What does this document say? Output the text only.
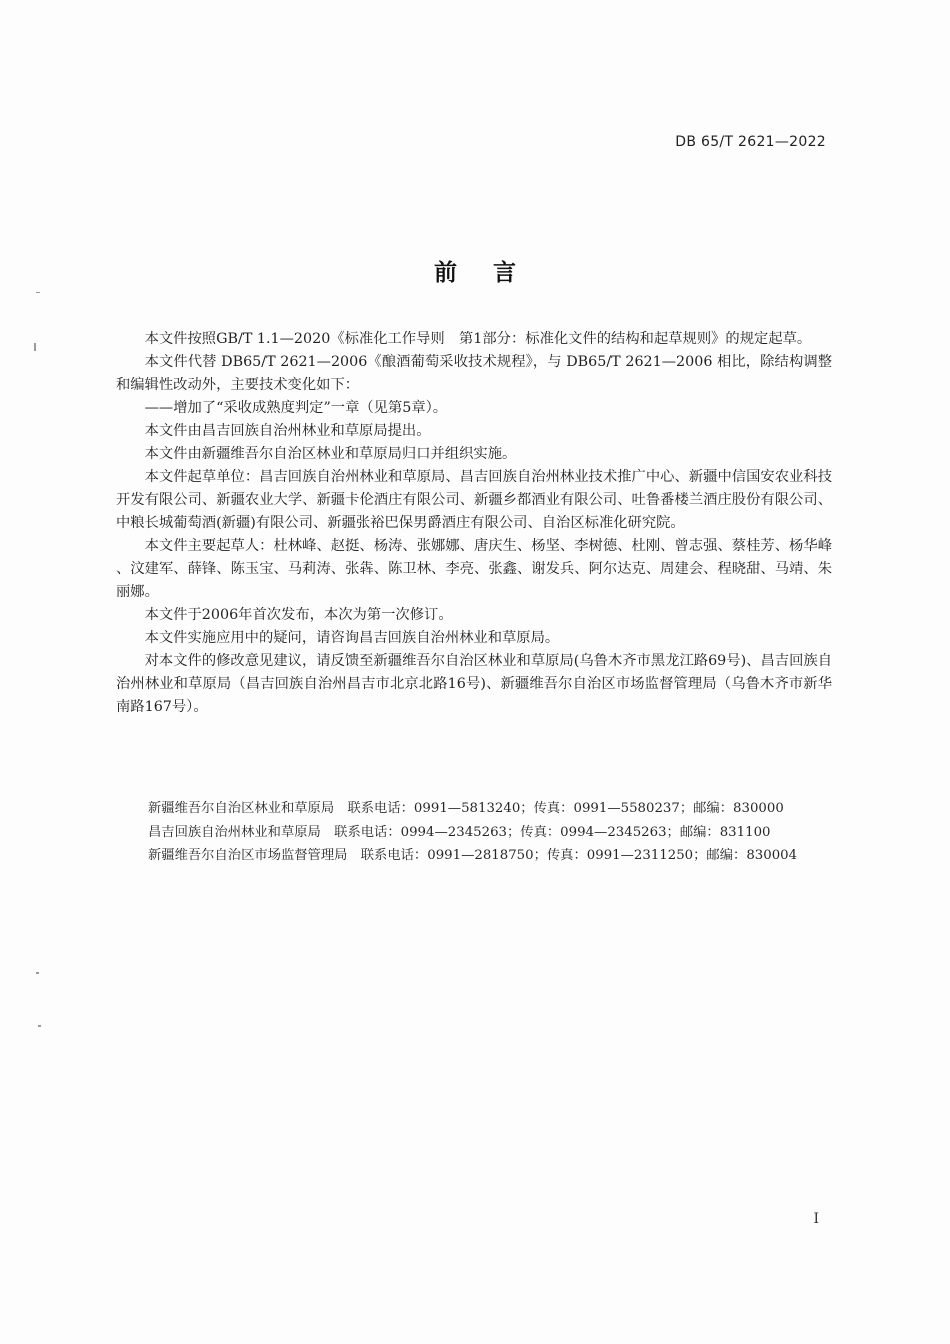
DB 65/T 2621—2022
前 言

本文件按照GB/T 1.1—2020《标准化工作导则　第1部分：标准化文件的结构和起草规则》的规定起草。

本文件代替 DB65/T 2621—2006《酿酒葡萄采收技术规程》，与 DB65/T 2621—2006 相比，除结构调整和编辑性改动外，主要技术变化如下：

——增加了“采收成熟度判定”一章（见第5章）。

本文件由昌吉回族自治州林业和草原局提出。

本文件由新疆维吾尔自治区林业和草原局归口并组织实施。

本文件起草单位：昌吉回族自治州林业和草原局、昌吉回族自治州林业技术推广中心、新疆中信国安农业科技开发有限公司、新疆农业大学、新疆卡伦酒庄有限公司、新疆乡都酒业有限公司、吐鲁番楼兰酒庄股份有限公司、中粮长城葡萄酒(新疆)有限公司、新疆张裕巴保男爵酒庄有限公司、自治区标准化研究院。

本文件主要起草人：杜林峰、赵挺、杨涛、张娜娜、唐庆生、杨坚、李树德、杜刚、曾志强、蔡桂芳、杨华峰 、汶建军、薛锋、陈玉宝、马莉涛、张犇、陈卫林、李亮、张鑫、谢发兵、阿尔达克、周建会、程晓甜、马靖、朱丽娜。

本文件于2006年首次发布，本次为第一次修订。

本文件实施应用中的疑问，请咨询昌吉回族自治州林业和草原局。

对本文件的修改意见建议，请反馈至新疆维吾尔自治区林业和草原局(乌鲁木齐市黑龙江路69号)、昌吉回族自治州林业和草原局（昌吉回族自治州昌吉市北京北路16号)、新疆维吾尔自治区市场监督管理局（乌鲁木齐市新华南路167号）。

新疆维吾尔自治区林业和草原局　联系电话：0991—5813240；传真：0991—5580237；邮编：830000
昌吉回族自治州林业和草原局　联系电话：0994—2345263；传真：0994—2345263；邮编：831100
新疆维吾尔自治区市场监督管理局　联系电话：0991—2818750；传真：0991—2311250；邮编：830004
I
